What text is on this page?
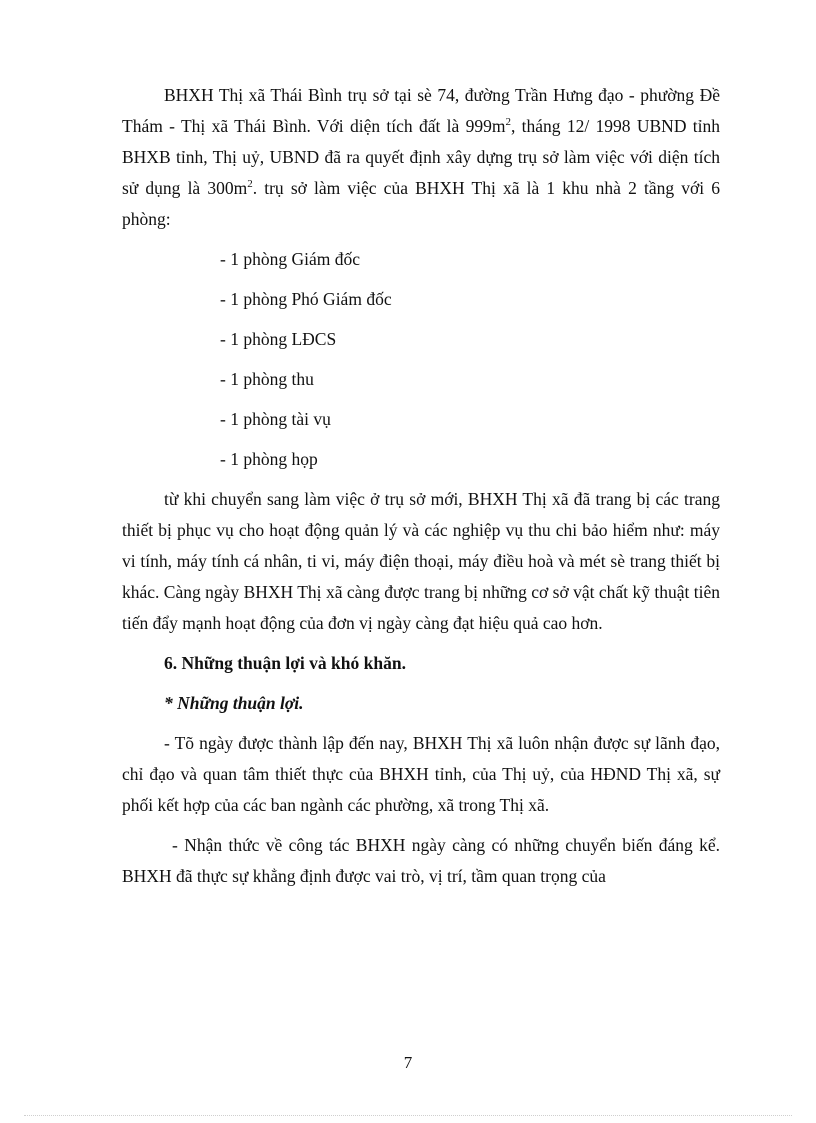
BHXH Thị xã Thái Bình trụ sở tại sè 74, đường Trần Hưng đạo - phường Đề Thám - Thị xã Thái Bình. Với diện tích đất là $999m^2$, tháng 12/ 1998 UBND tỉnh BHXB tỉnh, Thị uỷ, UBND đã ra quyết định xây dựng trụ sở làm việc với diện tích sử dụng là $300m^2$. trụ sở làm việc của BHXH Thị xã là 1 khu nhà 2 tầng với 6 phòng:

- 1 phòng Giám đốc
- 1 phòng Phó Giám đốc
- 1 phòng LĐCS
- 1 phòng thu
- 1 phòng tài vụ
- 1 phòng họp

từ khi chuyển sang làm việc ở trụ sở mới, BHXH Thị xã đã trang bị các trang thiết bị phục vụ cho hoạt động quản lý và các nghiệp vụ thu chi bảo hiểm như: máy vi tính, máy tính cá nhân, ti vi, máy điện thoại, máy điều hoà và mét sè trang thiết bị khác. Càng ngày BHXH Thị xã càng được trang bị những cơ sở vật chất kỹ thuật tiên tiến đẩy mạnh hoạt động của đơn vị ngày càng đạt hiệu quả cao hơn.

6. Những thuận lợi và khó khăn.

* Những thuận lợi.

- Tõ ngày được thành lập đến nay, BHXH Thị xã luôn nhận được sự lãnh đạo, chỉ đạo và quan tâm thiết thực của BHXH tỉnh, của Thị uỷ, của HĐND Thị xã, sự phối kết hợp của các ban ngành các phường, xã trong Thị xã.

- Nhận thức về công tác BHXH ngày càng có những chuyển biến đáng kể. BHXH đã thực sự khẳng định được vai trò, vị trí, tầm quan trọng của

7
